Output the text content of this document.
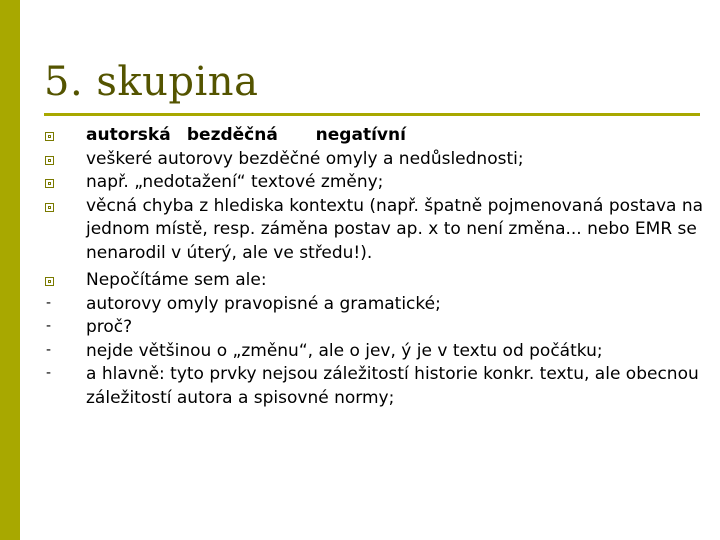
5. skupina
autorská bezděčná negatívní
veškeré autorovy bezděčné omyly a nedůslednosti;
např. „nedotažení“ textové změny;
věcná chyba z hlediska kontextu (např. špatně pojmenovaná postava na jednom místě, resp. záměna postav ap. x to není změna... nebo EMR se nenarodil v úterý, ale ve středu!).
Nepočítáme sem ale:
- autorovy omyly pravopisné a gramatické;
- proč?
- nejde většinou o „změnu“, ale o jev, ý je v textu od počátku;
- a hlavně: tyto prvky nejsou záležitostí historie konkr. textu, ale obecnou záležitostí autora a spisovné normy;
